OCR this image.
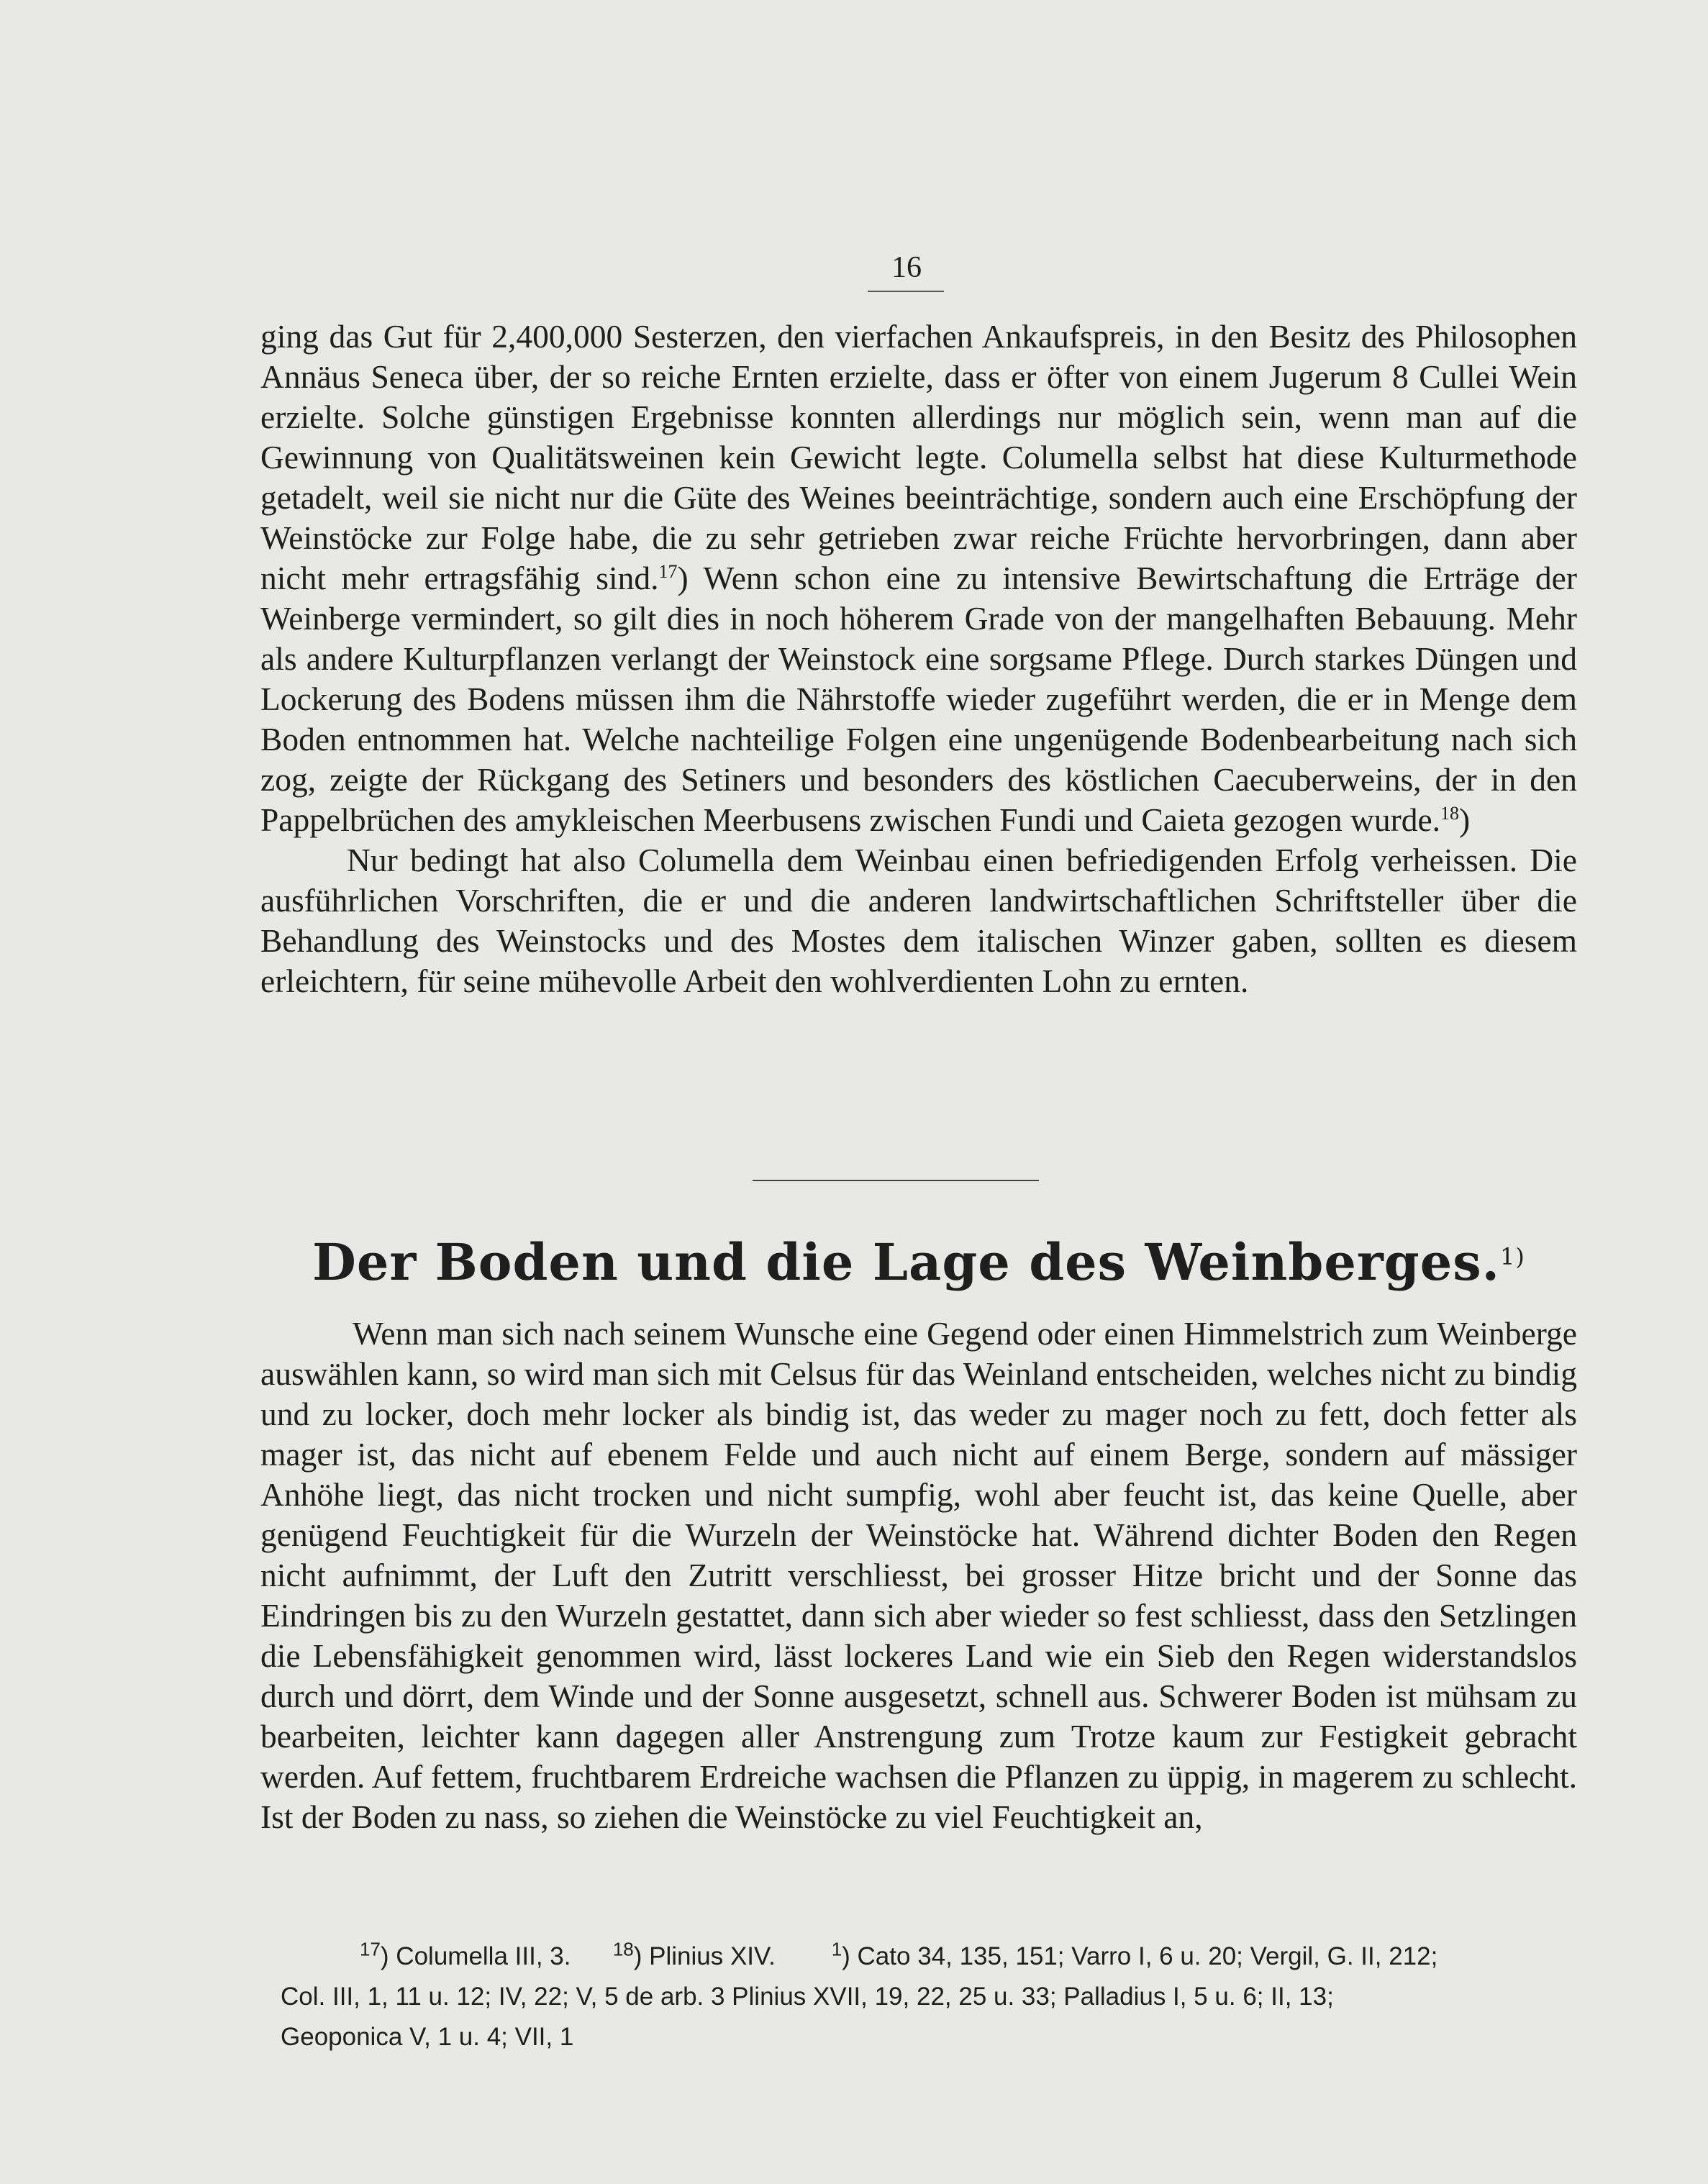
16

ging das Gut für 2,400,000 Sesterzen, den vierfachen Ankaufspreis, in den Besitz des Philosophen Annäus Seneca über, der so reiche Ernten erzielte, dass er öfter von einem Jugerum 8 Cullei Wein erzielte. Solche günstigen Ergebnisse konnten allerdings nur möglich sein, wenn man auf die Gewinnung von Qualitätsweinen kein Gewicht legte. Columella selbst hat diese Kulturmethode getadelt, weil sie nicht nur die Güte des Weines beeinträchtige, sondern auch eine Erschöpfung der Weinstöcke zur Folge habe, die zu sehr getrieben zwar reiche Früchte hervorbringen, dann aber nicht mehr ertragsfähig sind.$^{17}$) Wenn schon eine zu intensive Bewirtschaftung die Erträge der Weinberge vermindert, so gilt dies in noch höherem Grade von der mangelhaften Bebauung. Mehr als andere Kulturpflanzen verlangt der Weinstock eine sorgsame Pflege. Durch starkes Düngen und Lockerung des Bodens müssen ihm die Nährstoffe wieder zugeführt werden, die er in Menge dem Boden entnommen hat. Welche nachteilige Folgen eine ungenügende Bodenbearbeitung nach sich zog, zeigte der Rückgang des Setiners und besonders des köstlichen Caecuberweins, der in den Pappelbrüchen des amykleischen Meerbusens zwischen Fundi und Caieta gezogen wurde.$^{18}$)

Nur bedingt hat also Columella dem Weinbau einen befriedigenden Erfolg verheissen. Die ausführlichen Vorschriften, die er und die anderen landwirtschaftlichen Schriftsteller über die Behandlung des Weinstocks und des Mostes dem italischen Winzer gaben, sollten es diesem erleichtern, für seine mühevolle Arbeit den wohlverdienten Lohn zu ernten.

Der Boden und die Lage des Weinberges.$^{1)}$

Wenn man sich nach seinem Wunsche eine Gegend oder einen Himmelstrich zum Weinberge auswählen kann, so wird man sich mit Celsus für das Weinland entscheiden, welches nicht zu bindig und zu locker, doch mehr locker als bindig ist, das weder zu mager noch zu fett, doch fetter als mager ist, das nicht auf ebenem Felde und auch nicht auf einem Berge, sondern auf mässiger Anhöhe liegt, das nicht trocken und nicht sumpfig, wohl aber feucht ist, das keine Quelle, aber genügend Feuchtigkeit für die Wurzeln der Weinstöcke hat. Während dichter Boden den Regen nicht aufnimmt, der Luft den Zutritt verschliesst, bei grosser Hitze bricht und der Sonne das Eindringen bis zu den Wurzeln gestattet, dann sich aber wieder so fest schliesst, dass den Setzlingen die Lebensfähigkeit genommen wird, lässt lockeres Land wie ein Sieb den Regen widerstandslos durch und dörrt, dem Winde und der Sonne ausgesetzt, schnell aus. Schwerer Boden ist mühsam zu bearbeiten, leichter kann dagegen aller Anstrengung zum Trotze kaum zur Festigkeit gebracht werden. Auf fettem, fruchtbarem Erdreiche wachsen die Pflanzen zu üppig, in magerem zu schlecht. Ist der Boden zu nass, so ziehen die Weinstöcke zu viel Feuchtigkeit an,

$^{17}$) Columella III, 3. $^{18}$) Plinius XIV.	$^1$) Cato 34, 135, 151; Varro I, 6 u. 20; Vergil, G. II, 212;

Col. III, 1, 11 u. 12; IV, 22; V, 5 de arb. 3 Plinius XVII, 19, 22, 25 u. 33; Palladius I, 5 u. 6; II, 13;

Geoponica V, 1 u. 4; VII, 1
